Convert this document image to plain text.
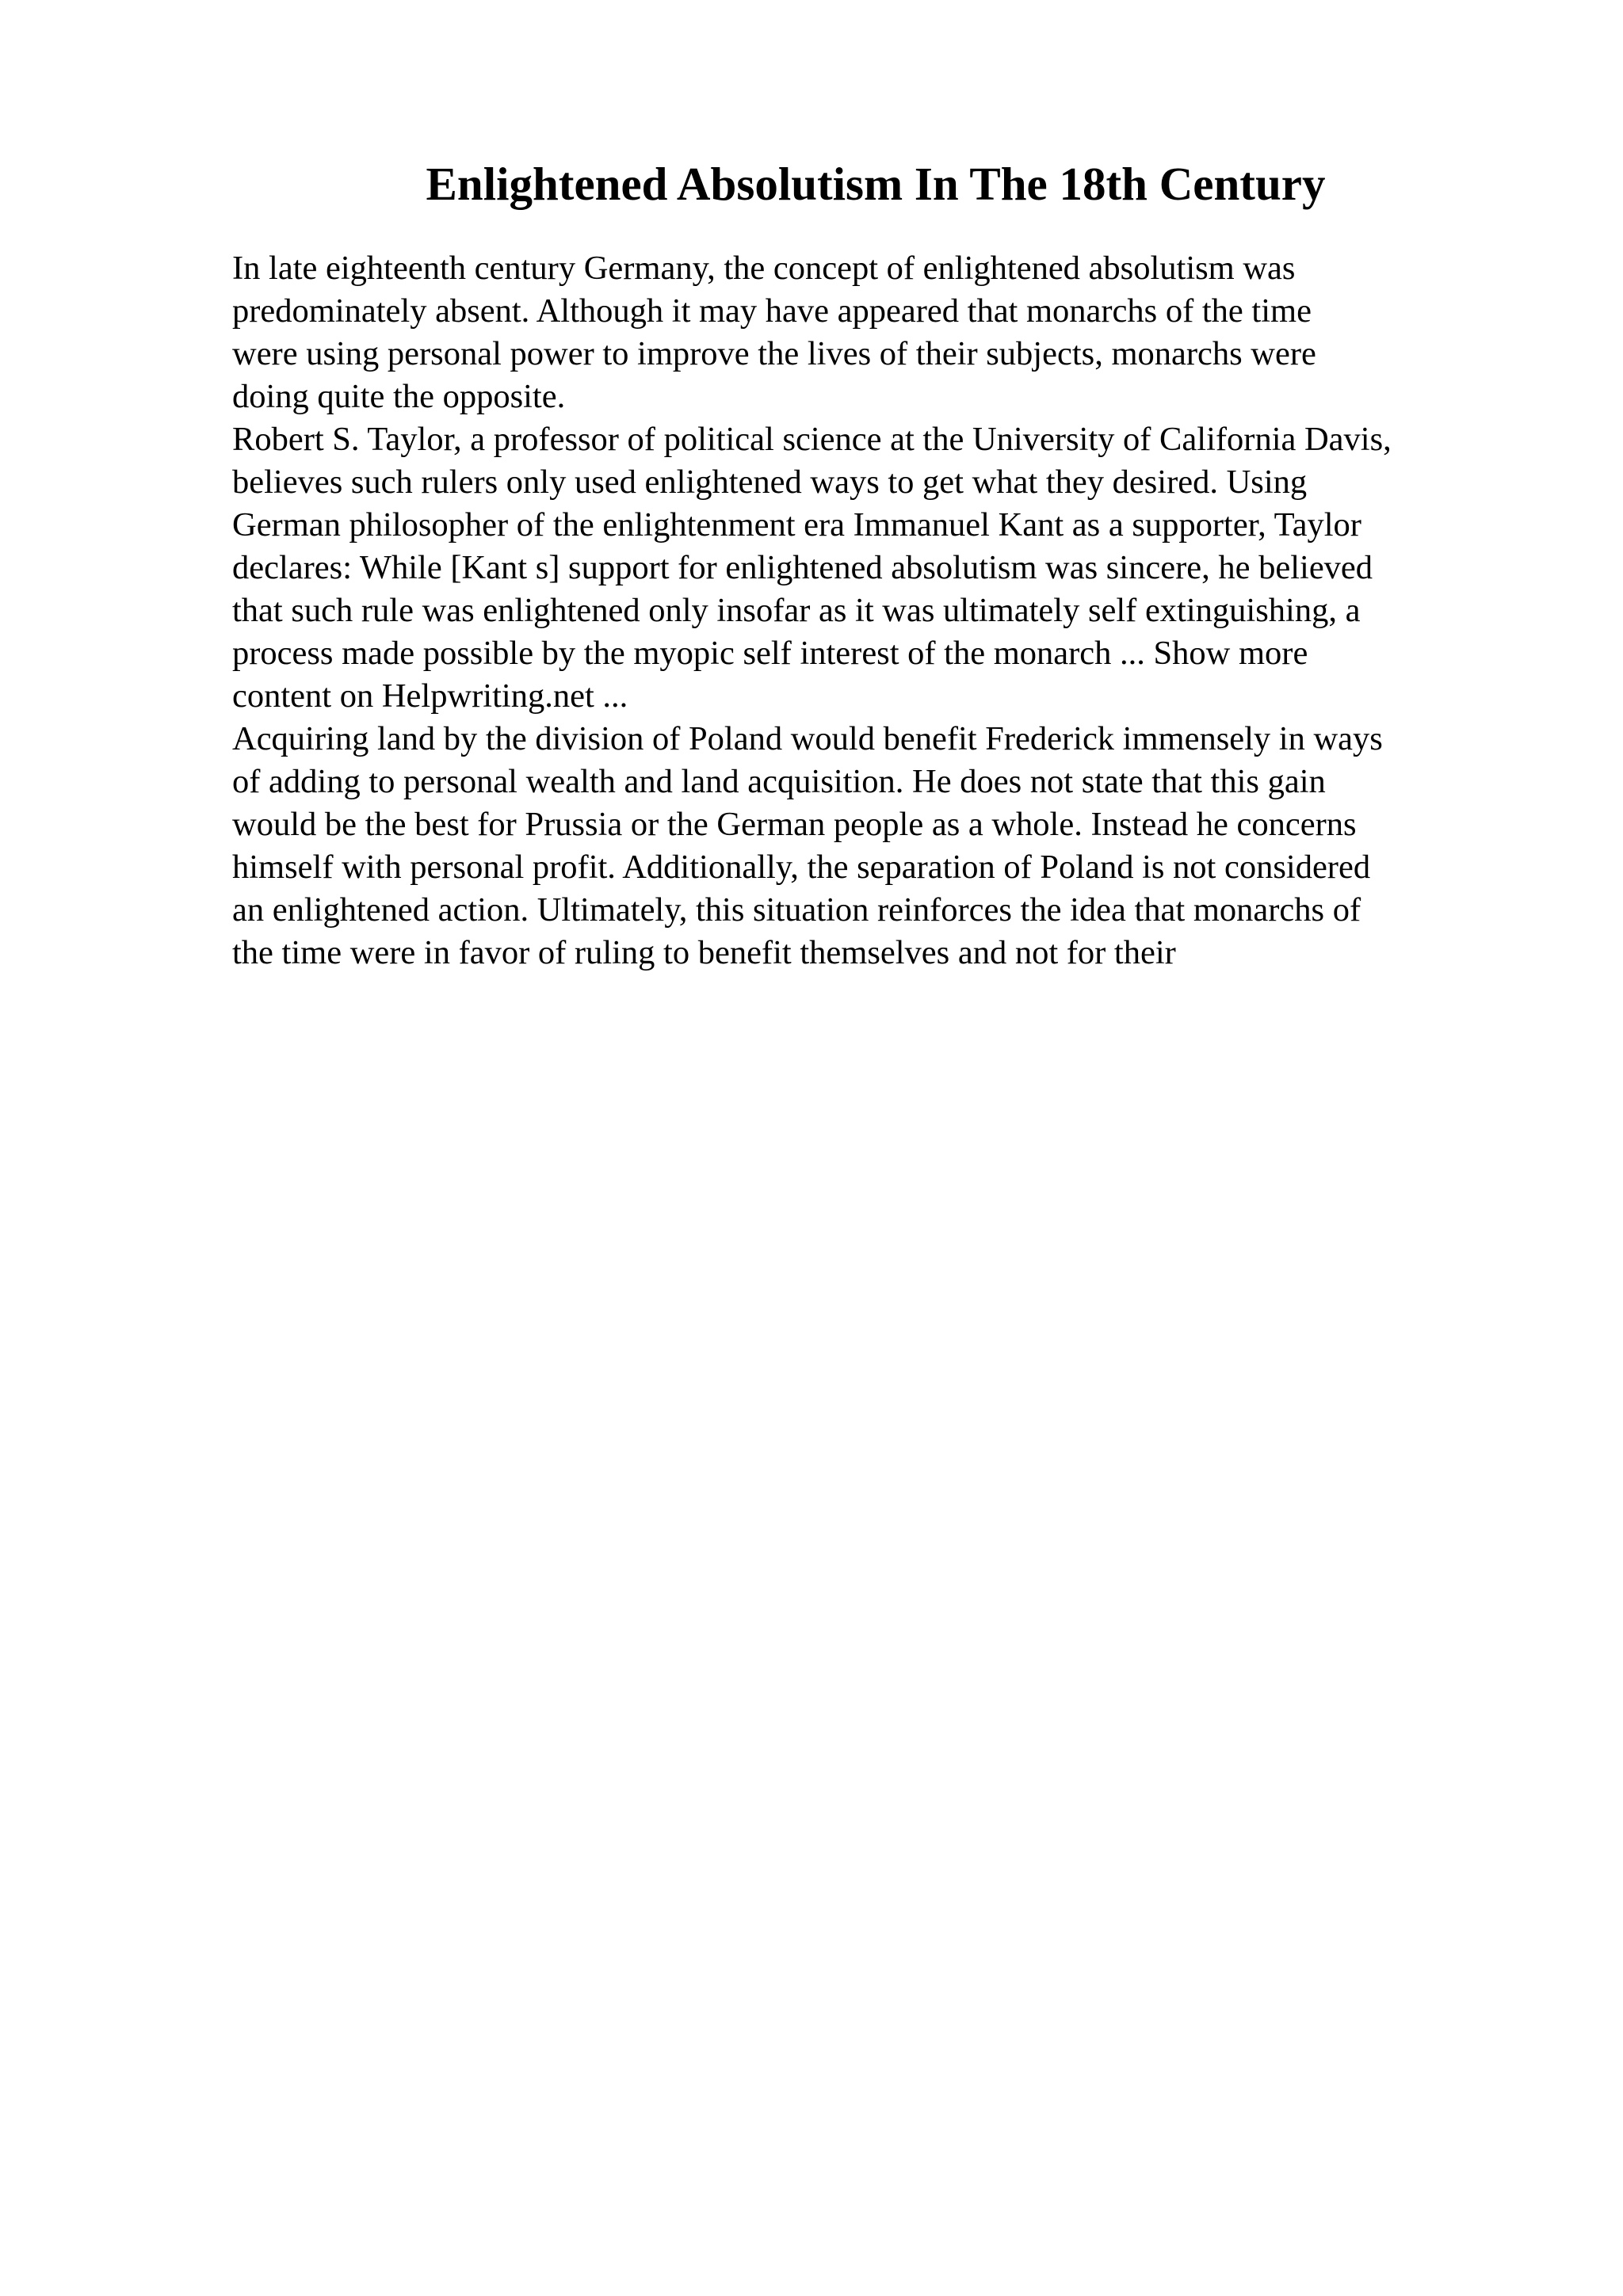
Enlightened Absolutism In The 18th Century
In late eighteenth century Germany, the concept of enlightened absolutism was
predominately absent. Although it may have appeared that monarchs of the time
were using personal power to improve the lives of their subjects, monarchs were
doing quite the opposite.
Robert S. Taylor, a professor of political science at the University of California Davis,
believes such rulers only used enlightened ways to get what they desired. Using
German philosopher of the enlightenment era Immanuel Kant as a supporter, Taylor
declares: While [Kant s] support for enlightened absolutism was sincere, he believed
that such rule was enlightened only insofar as it was ultimately self extinguishing, a
process made possible by the myopic self interest of the monarch ... Show more
content on Helpwriting.net ...
Acquiring land by the division of Poland would benefit Frederick immensely in ways
of adding to personal wealth and land acquisition. He does not state that this gain
would be the best for Prussia or the German people as a whole. Instead he concerns
himself with personal profit. Additionally, the separation of Poland is not considered
an enlightened action. Ultimately, this situation reinforces the idea that monarchs of
the time were in favor of ruling to benefit themselves and not for their
